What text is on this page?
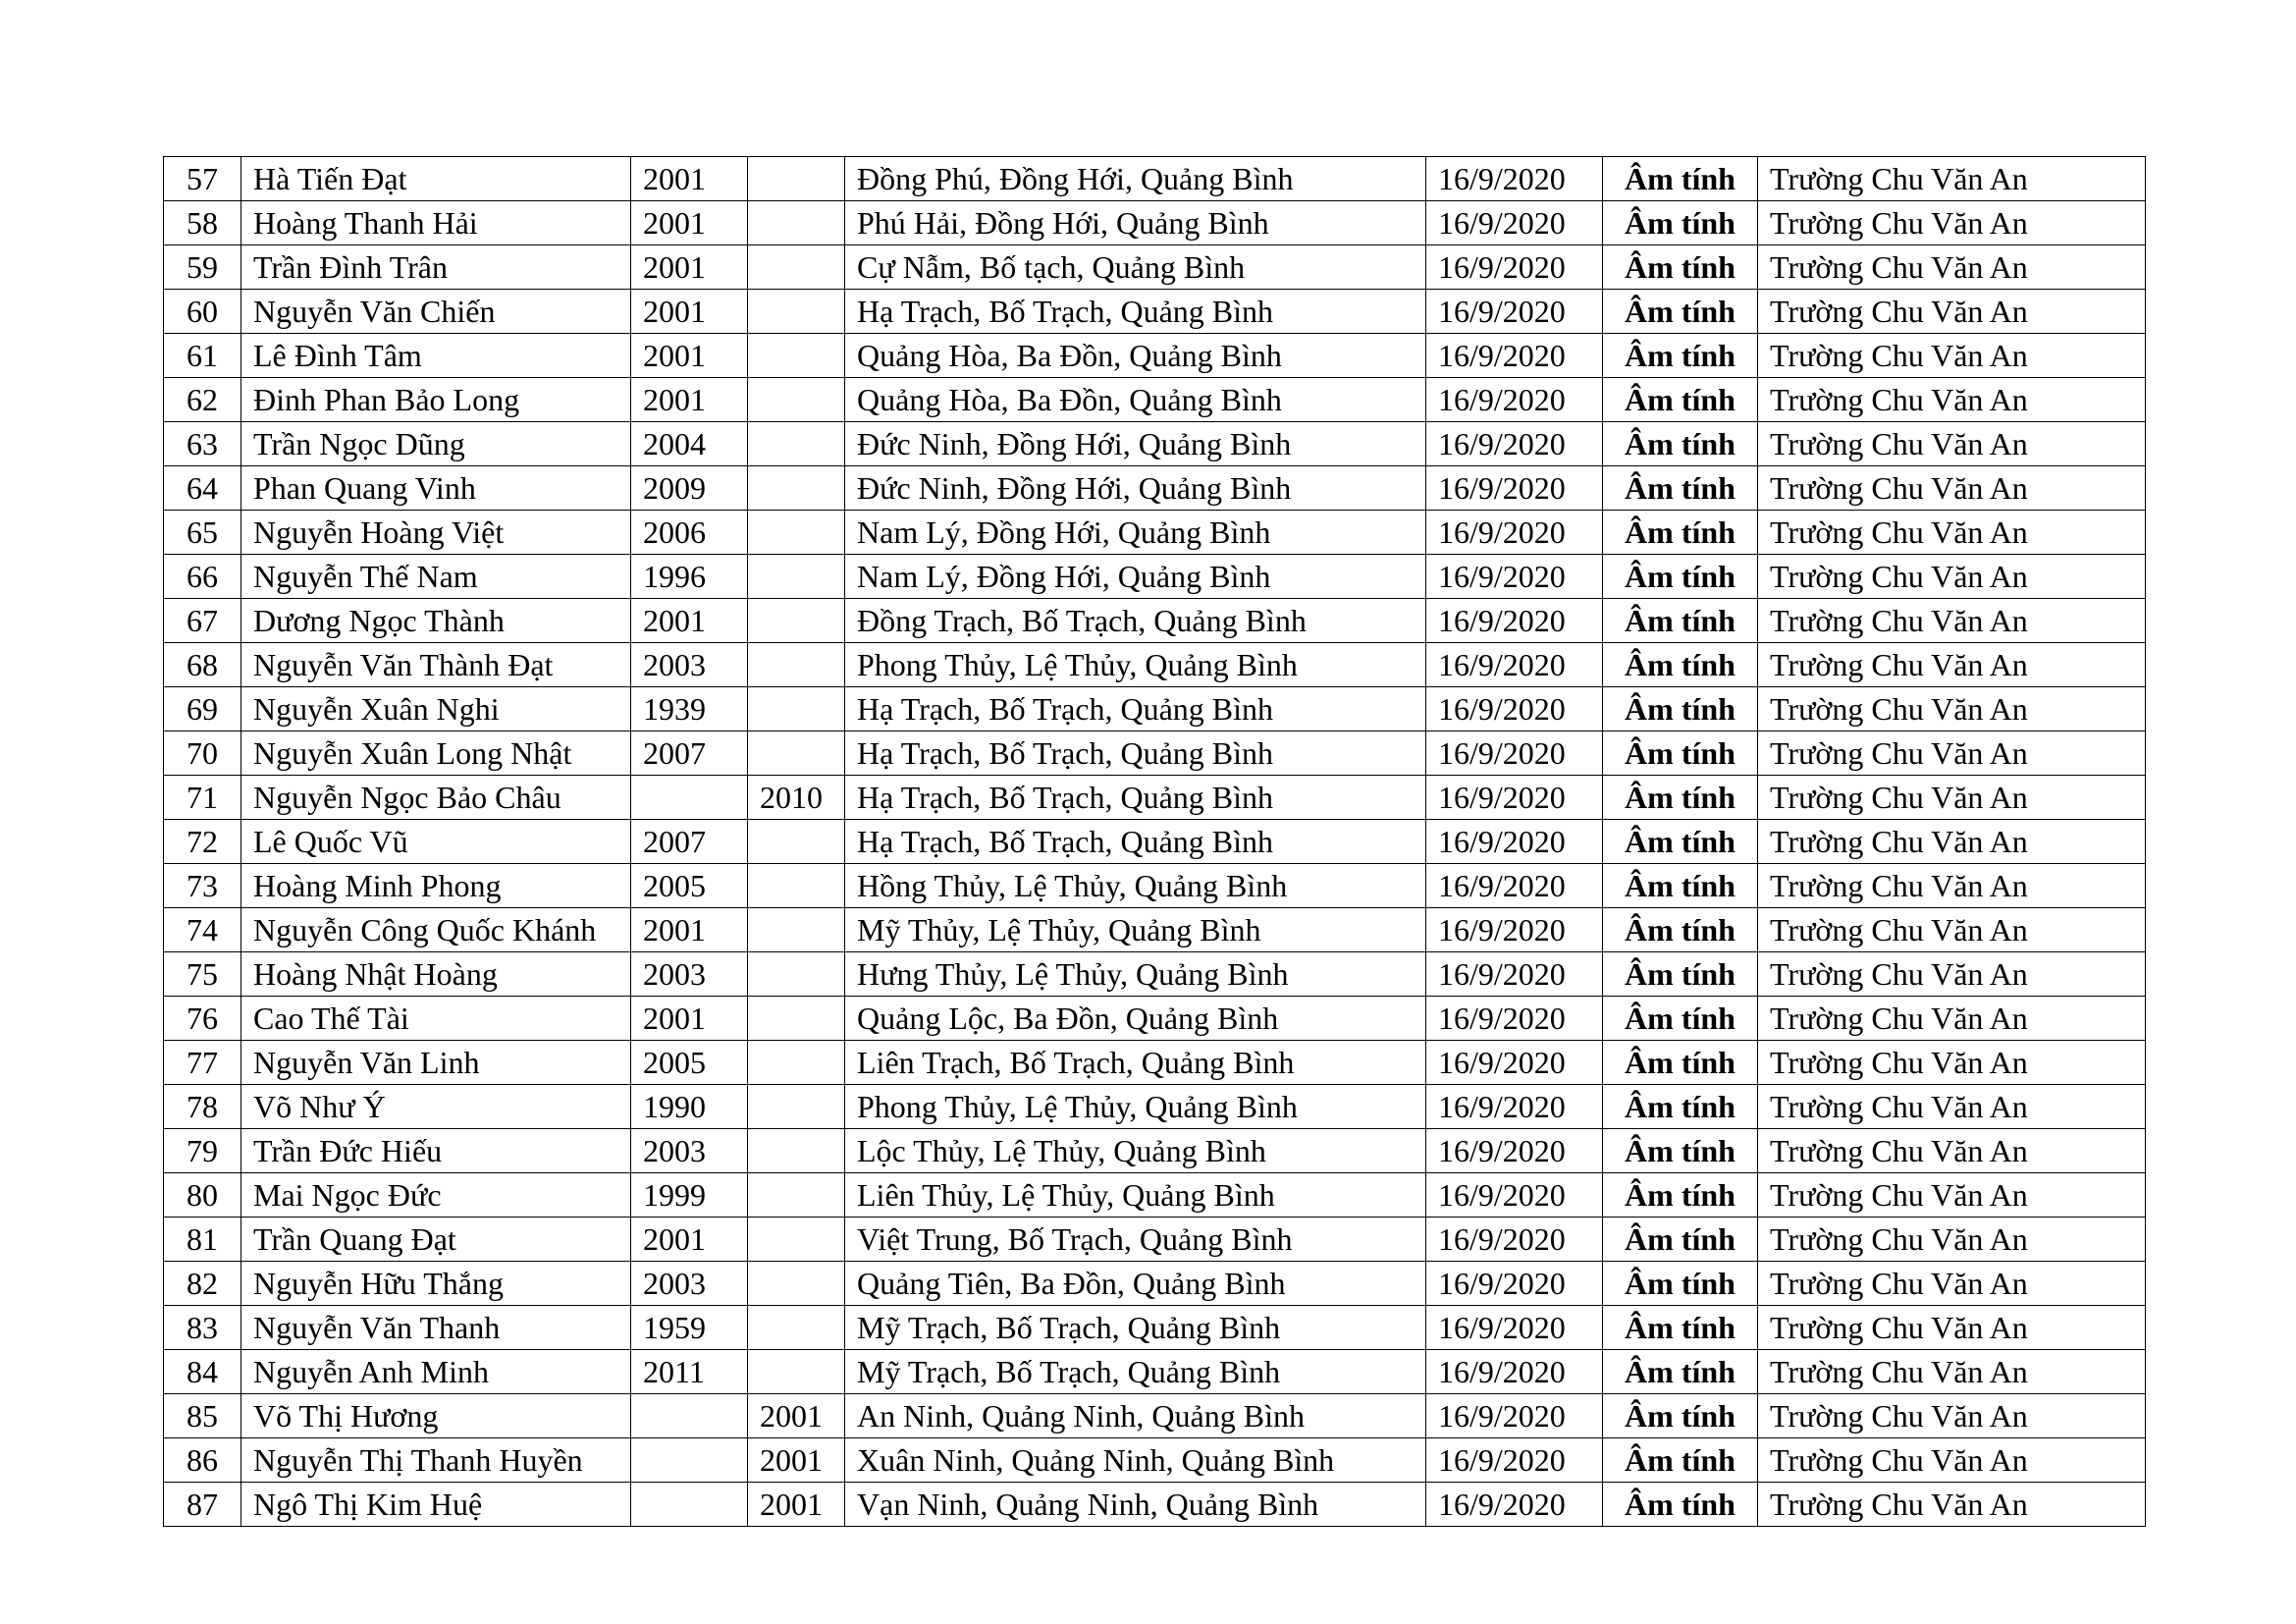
57	Hà Tiến Đạt	2001		Đồng Phú, Đồng Hới, Quảng Bình	16/9/2020	Âm tính	Trường Chu Văn An
58	Hoàng Thanh Hải	2001		Phú Hải, Đồng Hới, Quảng Bình	16/9/2020	Âm tính	Trường Chu Văn An
59	Trần Đình Trân	2001		Cự Nẫm, Bố tạch, Quảng Bình	16/9/2020	Âm tính	Trường Chu Văn An
60	Nguyễn Văn Chiến	2001		Hạ Trạch, Bố Trạch, Quảng Bình	16/9/2020	Âm tính	Trường Chu Văn An
61	Lê Đình Tâm	2001		Quảng Hòa, Ba Đồn, Quảng Bình	16/9/2020	Âm tính	Trường Chu Văn An
62	Đinh Phan Bảo Long	2001		Quảng Hòa, Ba Đồn, Quảng Bình	16/9/2020	Âm tính	Trường Chu Văn An
63	Trần Ngọc Dũng	2004		Đức Ninh, Đồng Hới, Quảng Bình	16/9/2020	Âm tính	Trường Chu Văn An
64	Phan Quang Vinh	2009		Đức Ninh, Đồng Hới, Quảng Bình	16/9/2020	Âm tính	Trường Chu Văn An
65	Nguyễn Hoàng Việt	2006		Nam Lý, Đồng Hới, Quảng Bình	16/9/2020	Âm tính	Trường Chu Văn An
66	Nguyễn Thế Nam	1996		Nam Lý, Đồng Hới, Quảng Bình	16/9/2020	Âm tính	Trường Chu Văn An
67	Dương Ngọc Thành	2001		Đồng Trạch, Bố Trạch, Quảng Bình	16/9/2020	Âm tính	Trường Chu Văn An
68	Nguyễn Văn Thành Đạt	2003		Phong Thủy, Lệ Thủy, Quảng Bình	16/9/2020	Âm tính	Trường Chu Văn An
69	Nguyễn Xuân Nghi	1939		Hạ Trạch, Bố Trạch, Quảng Bình	16/9/2020	Âm tính	Trường Chu Văn An
70	Nguyễn Xuân Long Nhật	2007		Hạ Trạch, Bố Trạch, Quảng Bình	16/9/2020	Âm tính	Trường Chu Văn An
71	Nguyễn Ngọc Bảo Châu		2010	Hạ Trạch, Bố Trạch, Quảng Bình	16/9/2020	Âm tính	Trường Chu Văn An
72	Lê Quốc Vũ	2007		Hạ Trạch, Bố Trạch, Quảng Bình	16/9/2020	Âm tính	Trường Chu Văn An
73	Hoàng Minh Phong	2005		Hồng Thủy, Lệ Thủy, Quảng Bình	16/9/2020	Âm tính	Trường Chu Văn An
74	Nguyễn Công Quốc Khánh	2001		Mỹ Thủy, Lệ Thủy, Quảng Bình	16/9/2020	Âm tính	Trường Chu Văn An
75	Hoàng Nhật Hoàng	2003		Hưng Thủy, Lệ Thủy, Quảng Bình	16/9/2020	Âm tính	Trường Chu Văn An
76	Cao Thế Tài	2001		Quảng Lộc, Ba Đồn, Quảng Bình	16/9/2020	Âm tính	Trường Chu Văn An
77	Nguyễn Văn Linh	2005		Liên Trạch, Bố Trạch, Quảng Bình	16/9/2020	Âm tính	Trường Chu Văn An
78	Võ Như Ý	1990		Phong Thủy, Lệ Thủy, Quảng Bình	16/9/2020	Âm tính	Trường Chu Văn An
79	Trần Đức Hiếu	2003		Lộc Thủy, Lệ Thủy, Quảng Bình	16/9/2020	Âm tính	Trường Chu Văn An
80	Mai Ngọc Đức	1999		Liên Thủy, Lệ Thủy, Quảng Bình	16/9/2020	Âm tính	Trường Chu Văn An
81	Trần Quang Đạt	2001		Việt Trung, Bố Trạch, Quảng Bình	16/9/2020	Âm tính	Trường Chu Văn An
82	Nguyễn Hữu Thắng	2003		Quảng Tiên, Ba Đồn, Quảng Bình	16/9/2020	Âm tính	Trường Chu Văn An
83	Nguyễn Văn Thanh	1959		Mỹ Trạch, Bố Trạch, Quảng Bình	16/9/2020	Âm tính	Trường Chu Văn An
84	Nguyễn Anh Minh	2011		Mỹ Trạch, Bố Trạch, Quảng Bình	16/9/2020	Âm tính	Trường Chu Văn An
85	Võ Thị Hương		2001	An Ninh, Quảng Ninh, Quảng Bình	16/9/2020	Âm tính	Trường Chu Văn An
86	Nguyễn Thị Thanh Huyền		2001	Xuân Ninh, Quảng Ninh, Quảng Bình	16/9/2020	Âm tính	Trường Chu Văn An
87	Ngô Thị Kim Huệ		2001	Vạn Ninh, Quảng Ninh, Quảng Bình	16/9/2020	Âm tính	Trường Chu Văn An
